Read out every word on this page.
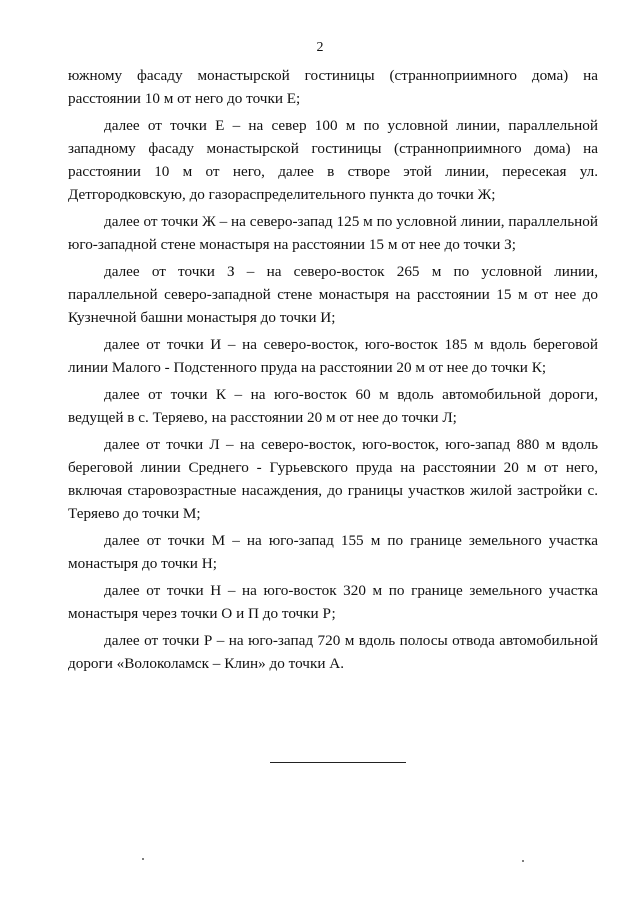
2

южному фасаду монастырской гостиницы (странноприимного дома) на расстоянии 10 м от него до точки Е;

далее от точки Е – на север 100 м по условной линии, параллельной западному фасаду монастырской гостиницы (странноприимного дома) на расстоянии 10 м от него, далее в створе этой линии, пересекая ул. Детгородковскую, до газораспределительного пункта до точки Ж;

далее от точки Ж – на северо-запад 125 м по условной линии, параллельной юго-западной стене монастыря на расстоянии 15 м от нее до точки З;

далее от точки З – на северо-восток 265 м по условной линии, параллельной северо-западной стене монастыря на расстоянии 15 м от нее до Кузнечной башни монастыря до точки И;

далее от точки И – на северо-восток, юго-восток 185 м вдоль береговой линии Малого - Подстенного пруда на расстоянии 20 м от нее до точки К;

далее от точки К – на юго-восток 60 м вдоль автомобильной дороги, ведущей в с. Теряево, на расстоянии 20 м от нее до точки Л;

далее от точки Л – на северо-восток, юго-восток, юго-запад 880 м вдоль береговой линии Среднего - Гурьевского пруда на расстоянии 20 м от него, включая старовозрастные насаждения, до границы участков жилой застройки с. Теряево до точки М;

далее от точки М – на юго-запад 155 м по границе земельного участка монастыря до точки Н;

далее от точки Н – на юго-восток 320 м по границе земельного участка монастыря через точки О и П до точки Р;

далее от точки Р – на юго-запад 720 м вдоль полосы отвода автомобильной дороги «Волоколамск – Клин» до точки А.
